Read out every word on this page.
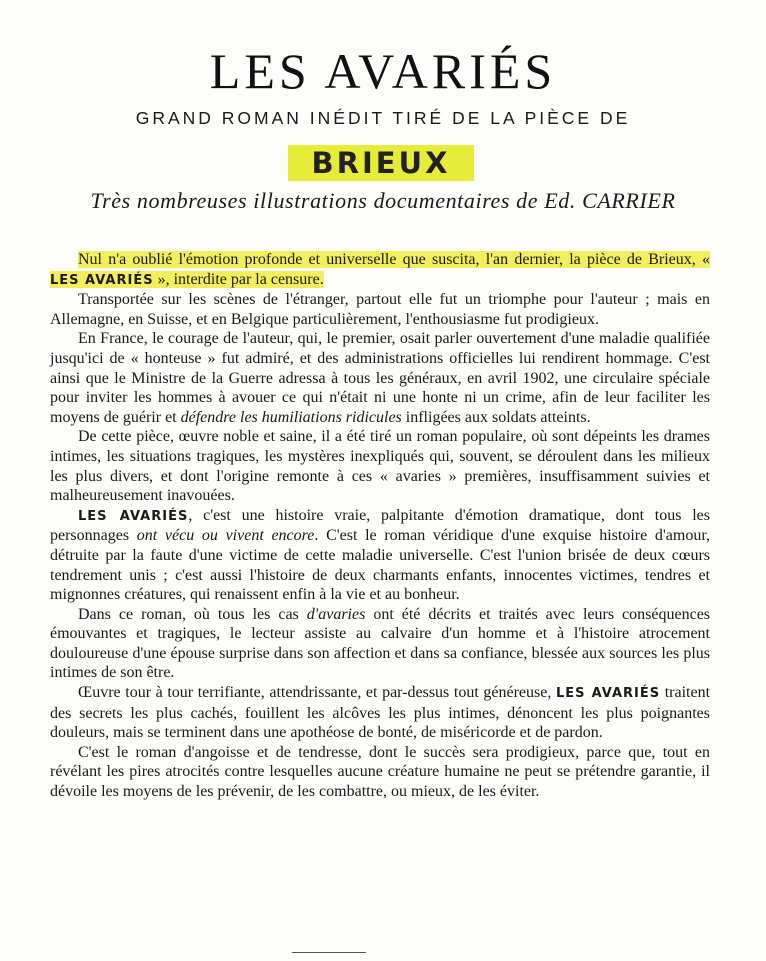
LES AVARIÉS
GRAND ROMAN INÉDIT TIRÉ DE LA PIÈCE DE
BRIEUX
Très nombreuses illustrations documentaires de Ed. CARRIER

Nul n'a oublié l'émotion profonde et universelle que suscita, l'an dernier, la pièce de Brieux, « LES AVARIÉS », interdite par la censure.

Transportée sur les scènes de l'étranger, partout elle fut un triomphe pour l'auteur ; mais en Allemagne, en Suisse, et en Belgique particulièrement, l'enthousiasme fut prodigieux.

En France, le courage de l'auteur, qui, le premier, osait parler ouvertement d'une maladie qualifiée jusqu'ici de « honteuse » fut admiré, et des administrations officielles lui rendirent hommage. C'est ainsi que le Ministre de la Guerre adressa à tous les généraux, en avril 1902, une circulaire spéciale pour inviter les hommes à avouer ce qui n'était ni une honte ni un crime, afin de leur faciliter les moyens de guérir et défendre les humiliations ridicules infligées aux soldats atteints.

De cette pièce, œuvre noble et saine, il a été tiré un roman populaire, où sont dépeints les drames intimes, les situations tragiques, les mystères inexpliqués qui, souvent, se déroulent dans les milieux les plus divers, et dont l'origine remonte à ces « avaries » premières, insuffisamment suivies et malheureusement inavouées.

LES AVARIÉS, c'est une histoire vraie, palpitante d'émotion dramatique, dont tous les personnages ont vécu ou vivent encore. C'est le roman véridique d'une exquise histoire d'amour, détruite par la faute d'une victime de cette maladie universelle. C'est l'union brisée de deux cœurs tendrement unis ; c'est aussi l'histoire de deux charmants enfants, innocentes victimes, tendres et mignonnes créatures, qui renaissent enfin à la vie et au bonheur.

Dans ce roman, où tous les cas d'avaries ont été décrits et traités avec leurs conséquences émouvantes et tragiques, le lecteur assiste au calvaire d'un homme et à l'histoire atrocement douloureuse d'une épouse surprise dans son affection et dans sa confiance, blessée aux sources les plus intimes de son être.

Œuvre tour à tour terrifiante, attendrissante, et par-dessus tout généreuse, LES AVARIÉS traitent des secrets les plus cachés, fouillent les alcôves les plus intimes, dénoncent les plus poignantes douleurs, mais se terminent dans une apothéose de bonté, de miséricorde et de pardon.

C'est le roman d'angoisse et de tendresse, dont le succès sera prodigieux, parce que, tout en révélant les pires atrocités contre lesquelles aucune créature humaine ne peut se prétendre garantie, il dévoile les moyens de les prévenir, de les combattre, ou mieux, de les éviter.
